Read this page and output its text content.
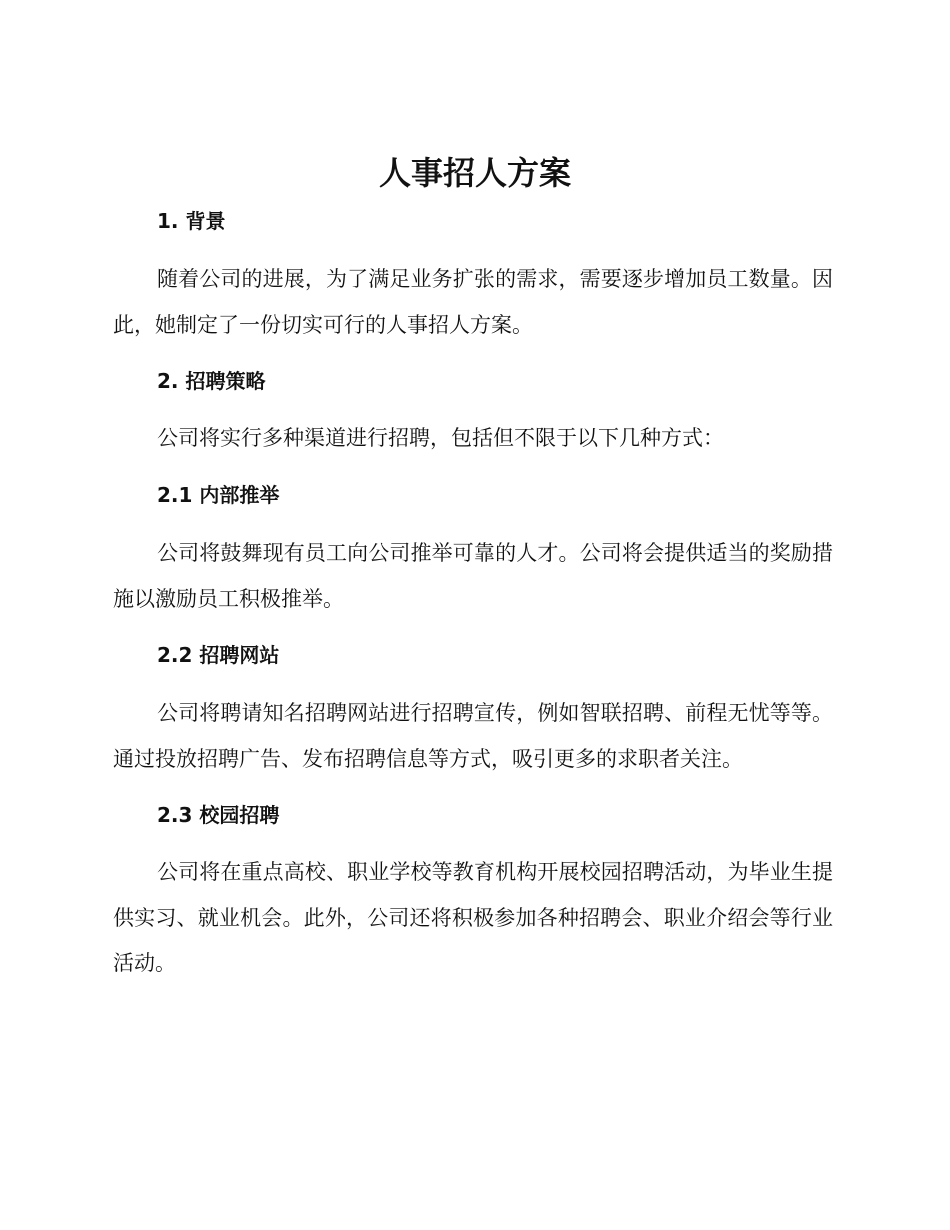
人事招人方案
1. 背景

随着公司的进展，为了满足业务扩张的需求，需要逐步增加员工数量。因此，她制定了一份切实可行的人事招人方案。

2. 招聘策略

公司将实行多种渠道进行招聘，包括但不限于以下几种方式：

2.1 内部推举

公司将鼓舞现有员工向公司推举可靠的人才。公司将会提供适当的奖励措施以激励员工积极推举。

2.2 招聘网站

公司将聘请知名招聘网站进行招聘宣传，例如智联招聘、前程无忧等等。通过投放招聘广告、发布招聘信息等方式，吸引更多的求职者关注。

2.3 校园招聘

公司将在重点高校、职业学校等教育机构开展校园招聘活动，为毕业生提供实习、就业机会。此外，公司还将积极参加各种招聘会、职业介绍会等行业活动。
